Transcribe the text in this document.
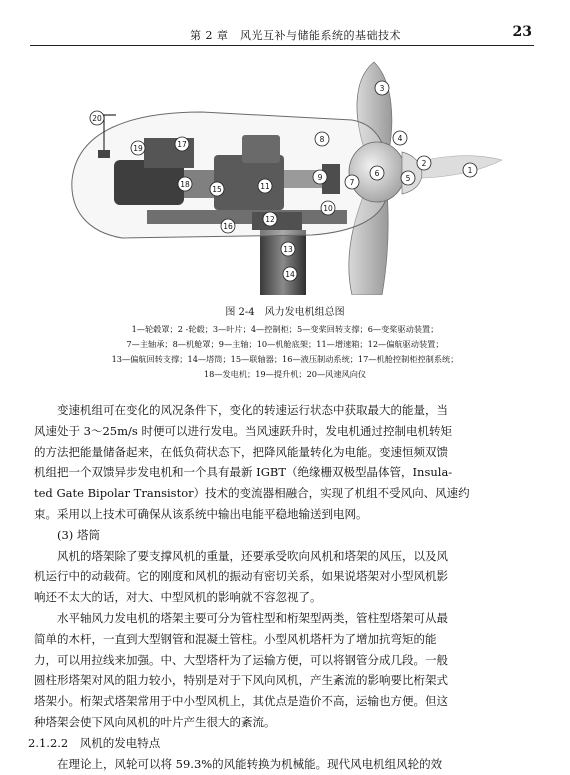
第 2 章　风光互补与储能系统的基础技术	23
1
2
3
4
5
6
7
8
9
10
11
12
13
14
15
16
17
18
19
20
图 2-4　风力发电机组总图
1—轮毂罩；2 -轮毂；3—叶片；4—控制柜；5—变桨回转支撑；6—变桨驱动装置；
7—主轴承；8—机舱罩；9—主轴；10—机舱底架；11—增速箱；12—偏航驱动装置；
13—偏航回转支撑；14—塔筒；15—联轴器；16—液压制动系统；17—机舱控制柜控制系统；
18—发电机；19—提升机；20—风速风向仪
变速机组可在变化的风况条件下，变化的转速运行状态中获取最大的能量，当
风速处于 3～25m/s 时便可以进行发电。当风速跃升时，发电机通过控制电机转矩
的方法把能量储备起来，在低负荷状态下，把降风能量转化为电能。变速恒频双馈
机组把一个双馈异步发电机和一个具有最新 IGBT（绝缘栅双极型晶体管，Insula-
ted Gate Bipolar Transistor）技术的变流器相融合，实现了机组不受风向、风速约
束。采用以上技术可确保从该系统中输出电能平稳地输送到电网。
(3) 塔筒
风机的塔架除了要支撑风机的重量，还要承受吹向风机和塔架的风压，以及风
机运行中的动载荷。它的刚度和风机的振动有密切关系，如果说塔架对小型风机影
响还不太大的话，对大、中型风机的影响就不容忽视了。
水平轴风力发电机的塔架主要可分为管柱型和桁架型两类，管柱型塔架可从最
简单的木杆，一直到大型钢管和混凝土管柱。小型风机塔杆为了增加抗弯矩的能
力，可以用拉线来加强。中、大型塔杆为了运输方便，可以将钢管分成几段。一般
圆柱形塔架对风的阻力较小，特别是对于下风向风机，产生紊流的影响要比桁架式
塔架小。桁架式塔架常用于中小型风机上，其优点是造价不高，运输也方便。但这
种塔架会使下风向风机的叶片产生很大的紊流。
2.1.2.2　风机的发电特点
在理论上，风轮可以将 59.3%的风能转换为机械能。现代风电机组风轮的效
